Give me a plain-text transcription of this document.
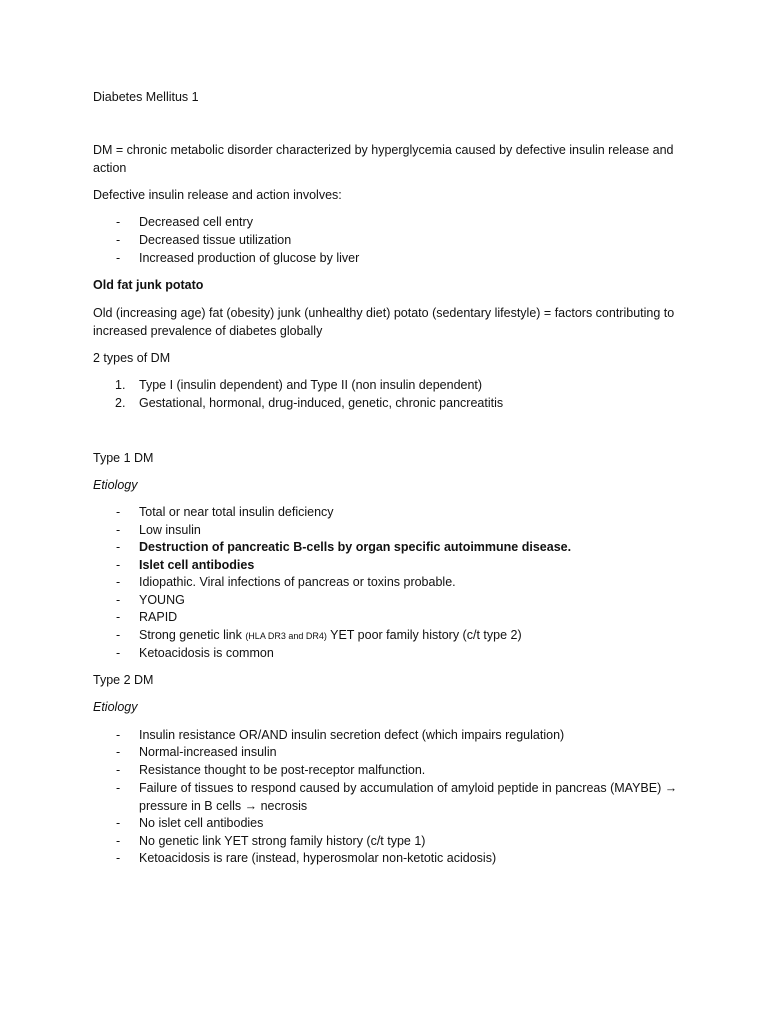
Diabetes Mellitus 1
DM = chronic metabolic disorder characterized by hyperglycemia caused by defective insulin release and action
Defective insulin release and action involves:
- Decreased cell entry
- Decreased tissue utilization
- Increased production of glucose by liver
Old fat junk potato
Old (increasing age) fat (obesity) junk (unhealthy diet) potato (sedentary lifestyle) = factors contributing to increased prevalence of diabetes globally
2 types of DM
1. Type I (insulin dependent) and Type II (non insulin dependent)
2. Gestational, hormonal, drug-induced, genetic, chronic pancreatitis
Type 1 DM
Etiology
- Total or near total insulin deficiency
- Low insulin
- Destruction of pancreatic B-cells by organ specific autoimmune disease.
- Islet cell antibodies
- Idiopathic. Viral infections of pancreas or toxins probable.
- YOUNG
- RAPID
- Strong genetic link (HLA DR3 and DR4) YET poor family history (c/t type 2)
- Ketoacidosis is common
Type 2 DM
Etiology
- Insulin resistance OR/AND insulin secretion defect (which impairs regulation)
- Normal-increased insulin
- Resistance thought to be post-receptor malfunction.
- Failure of tissues to respond caused by accumulation of amyloid peptide in pancreas (MAYBE) → pressure in B cells → necrosis
- No islet cell antibodies
- No genetic link YET strong family history (c/t type 1)
- Ketoacidosis is rare (instead, hyperosmolar non-ketotic acidosis)
